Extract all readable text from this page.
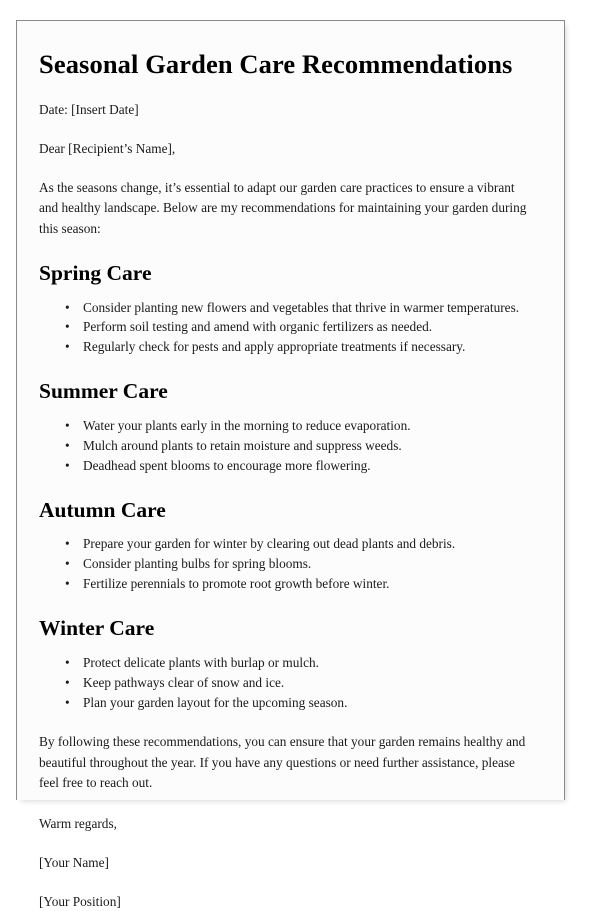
Seasonal Garden Care Recommendations

Date: [Insert Date]

Dear [Recipient’s Name],

As the seasons change, it’s essential to adapt our garden care practices to ensure a vibrant and healthy landscape. Below are my recommendations for maintaining your garden during this season:

Spring Care
• Consider planting new flowers and vegetables that thrive in warmer temperatures.
• Perform soil testing and amend with organic fertilizers as needed.
• Regularly check for pests and apply appropriate treatments if necessary.
Summer Care
• Water your plants early in the morning to reduce evaporation.
• Mulch around plants to retain moisture and suppress weeds.
• Deadhead spent blooms to encourage more flowering.
Autumn Care
• Prepare your garden for winter by clearing out dead plants and debris.
• Consider planting bulbs for spring blooms.
• Fertilize perennials to promote root growth before winter.
Winter Care
• Protect delicate plants with burlap or mulch.
• Keep pathways clear of snow and ice.
• Plan your garden layout for the upcoming season.

By following these recommendations, you can ensure that your garden remains healthy and beautiful throughout the year. If you have any questions or need further assistance, please feel free to reach out.

Warm regards,

[Your Name]

[Your Position]
